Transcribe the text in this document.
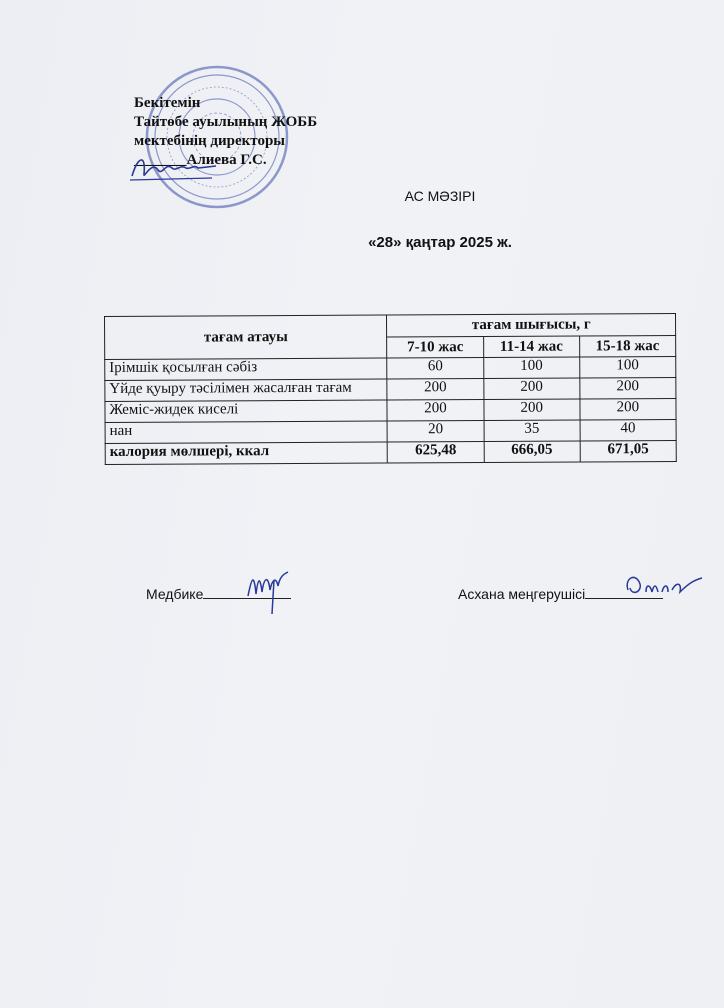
Бекітемін
Тайтөбе ауылының ЖОББ
мектебінің директоры
_______Алиева Г.С.
АС МӘЗІРІ
«28» қаңтар 2025 ж.
тағам атауы	тағам шығысы, г		
	7-10 жас	11-14 жас	15-18 жас
Ірімшік қосылған сәбіз	60	100	100
Үйде қуыру тәсілімен жасалған тағам	200	200	200
Жеміс-жидек киселі	200	200	200
нан	20	35	40
калория мөлшері, ккал	625,48	666,05	671,05
Медбике	Асхана меңгерушісі
